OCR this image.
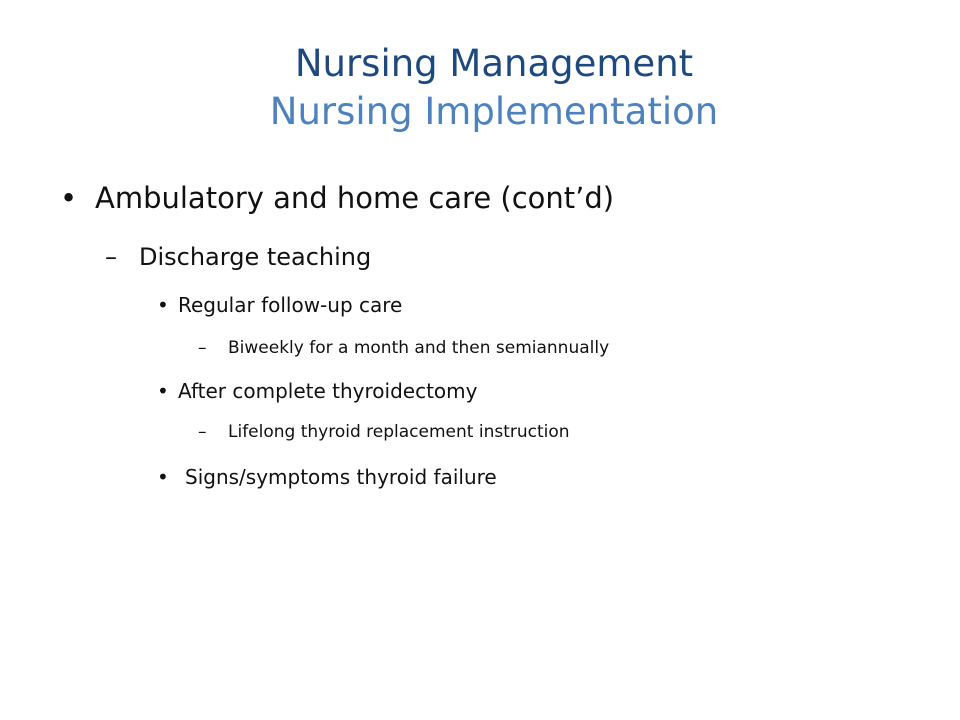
Nursing Management
Nursing Implementation
• Ambulatory and home care (cont’d)
– Discharge teaching
• Regular follow-up care
– Biweekly for a month and then semiannually
• After complete thyroidectomy
– Lifelong thyroid replacement instruction
• Signs/symptoms thyroid failure
